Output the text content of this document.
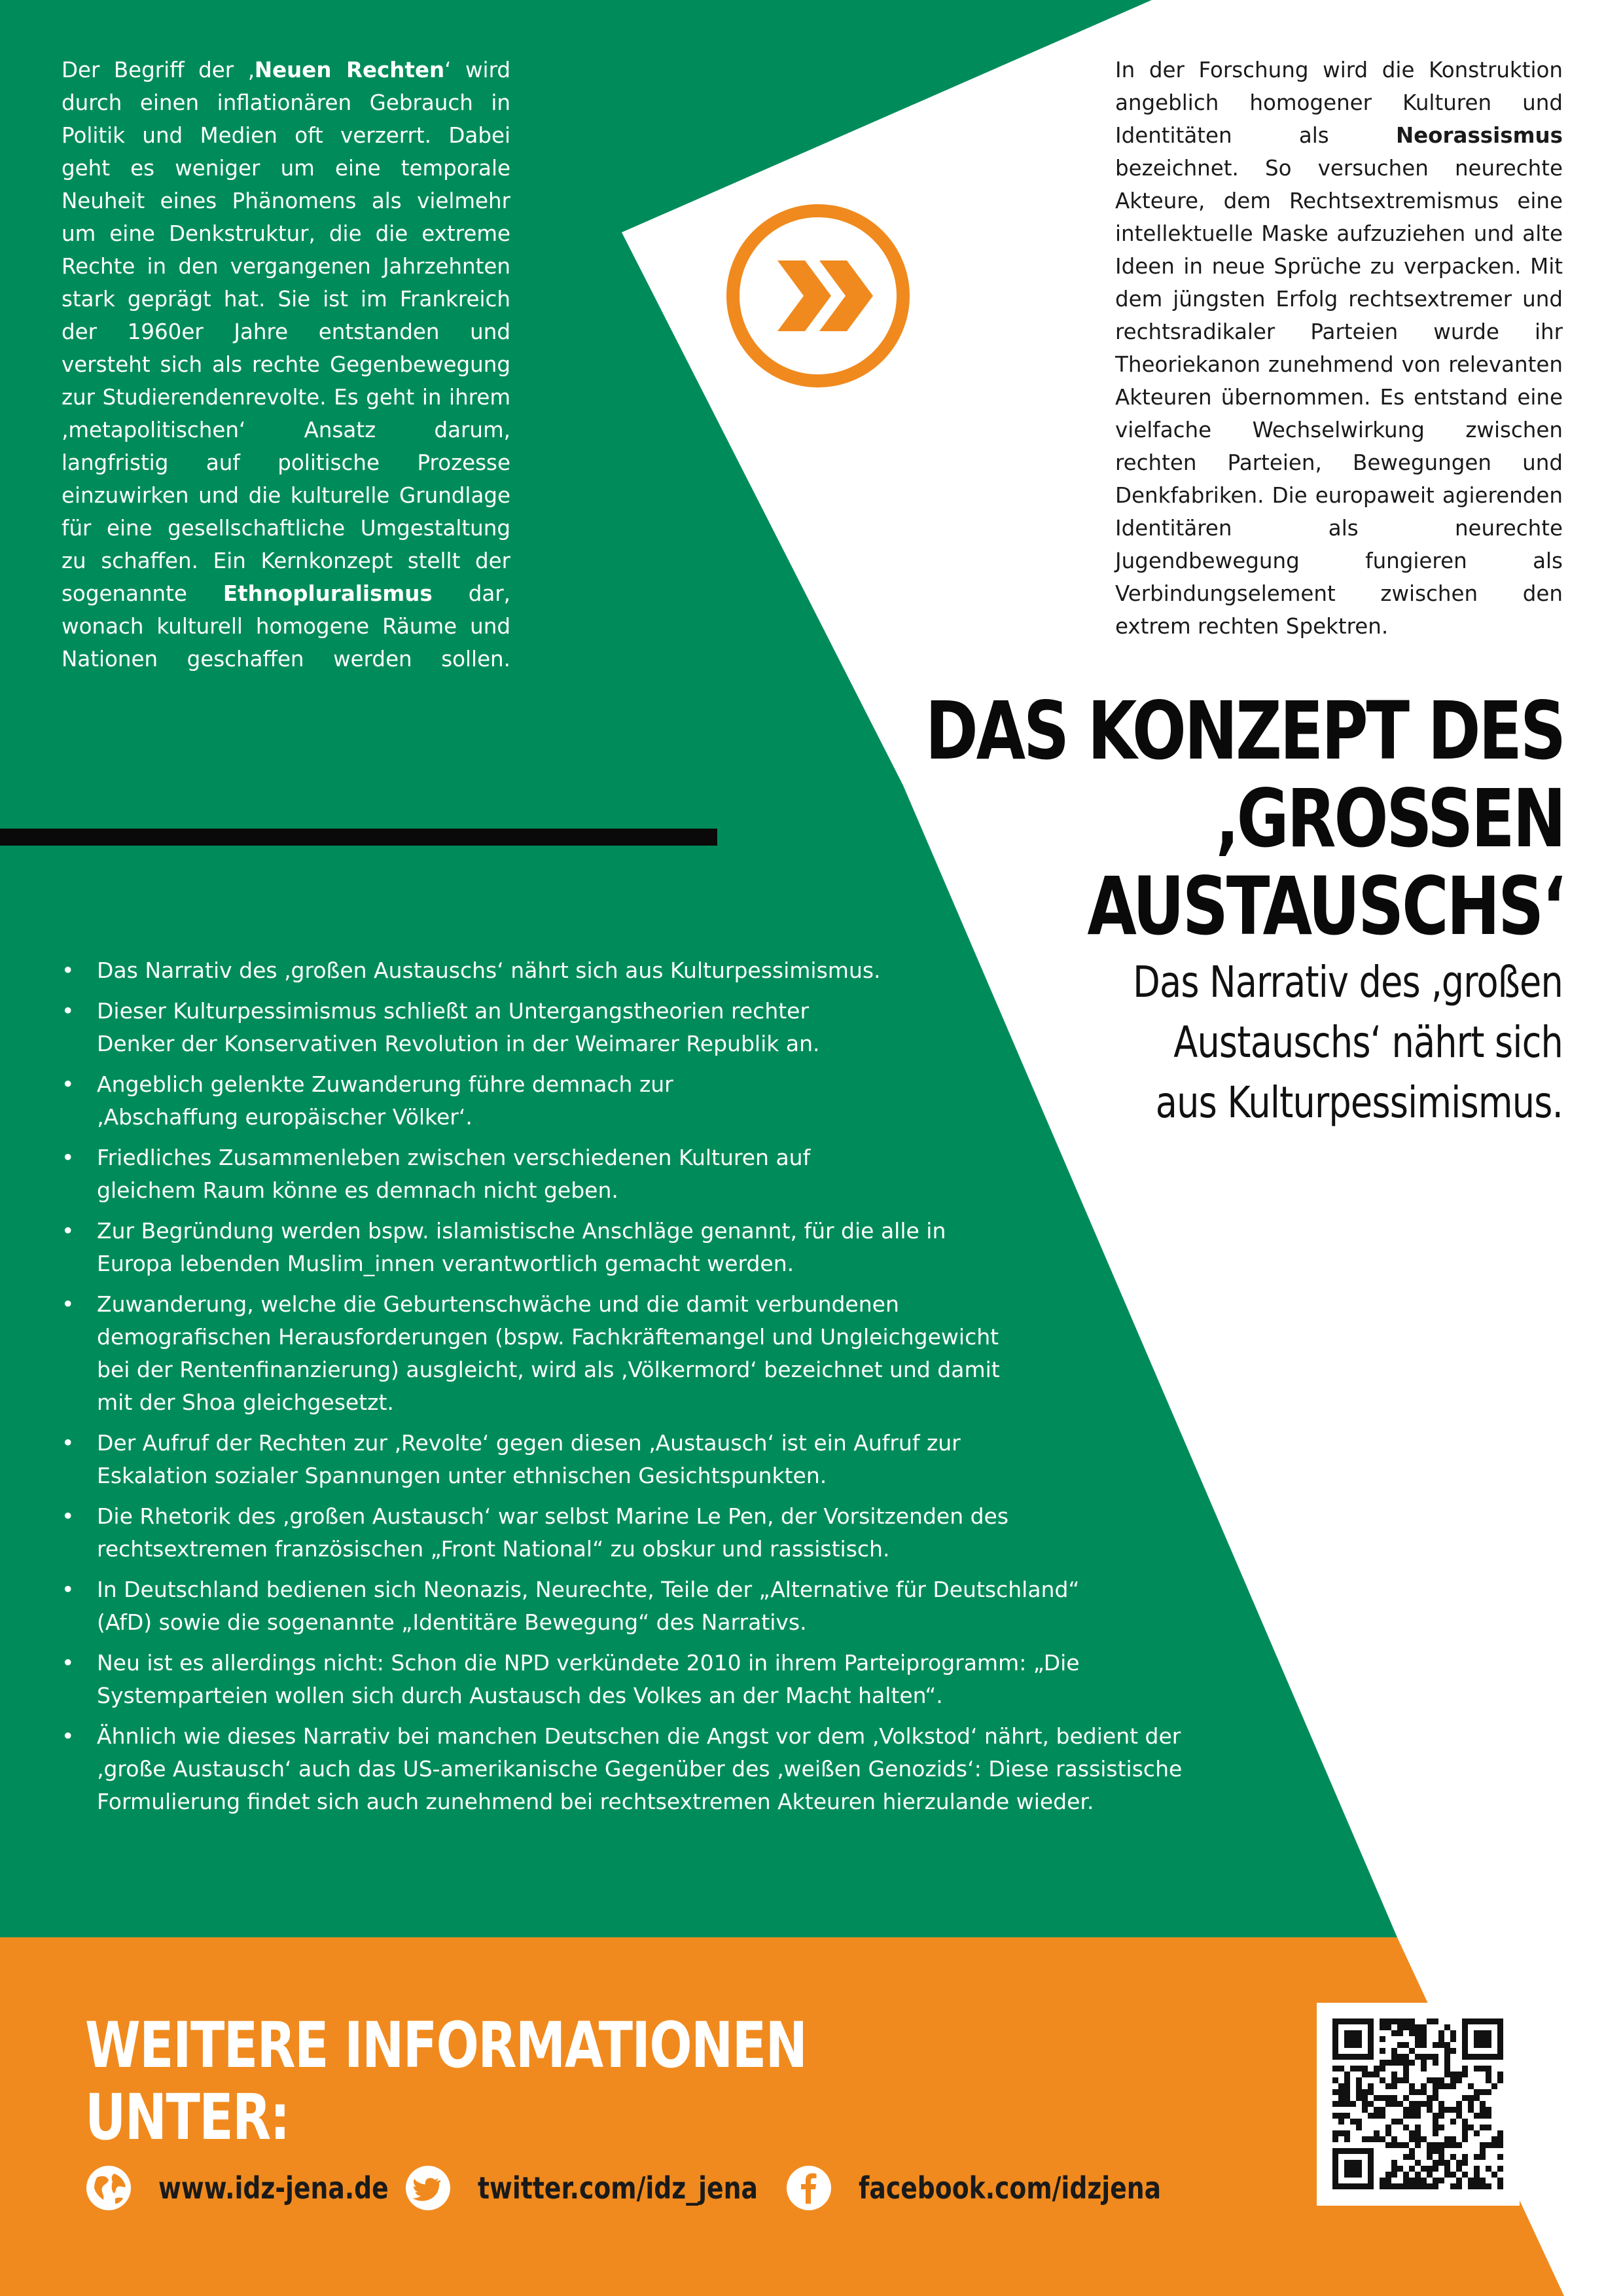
Der Begriff der ‚Neuen Rechten‘ wird durch einen inflationären Gebrauch in Politik und Medien oft verzerrt. Dabei geht es weniger um eine temporale Neuheit eines Phänomens als vielmehr um eine Denkstruktur, die die extreme Rechte in den vergangenen Jahrzehnten stark geprägt hat. Sie ist im Frankreich der 1960er Jahre entstanden und versteht sich als rechte Gegenbewegung zur Studierendenrevolte. Es geht in ihrem ‚metapolitischen‘ Ansatz darum, langfristig auf politische Prozesse einzuwirken und die kulturelle Grundlage für eine gesellschaftliche Umgestaltung zu schaffen. Ein Kernkonzept stellt der sogenannte Ethnopluralismus dar, wonach kulturell homogene Räume und Nationen geschaffen werden sollen.
In der Forschung wird die Konstruktion angeblich homogener Kulturen und Identitäten als Neorassismus bezeichnet. So versuchen neurechte Akteure, dem Rechtsextremismus eine intellektuelle Maske aufzuziehen und alte Ideen in neue Sprüche zu verpacken. Mit dem jüngsten Erfolg rechtsextremer und rechtsradikaler Parteien wurde ihr Theoriekanon zunehmend von relevanten Akteuren übernommen. Es entstand eine vielfache Wechselwirkung zwischen rechten Parteien, Bewegungen und Denkfabriken. Die europaweit agierenden Identitären als neurechte Jugendbewegung fungieren als Verbindungselement zwischen den extrem rechten Spektren.
DAS KONZEPT DES
‚GROSSEN AUSTAUSCHS‘
Das Narrativ des ‚großen
Austauschs‘ nährt sich
aus Kulturpessimismus.
• Das Narrativ des ‚großen Austauschs‘ nährt sich aus Kulturpessimismus.
• Dieser Kulturpessimismus schließt an Untergangstheorien rechter Denker der Konservativen Revolution in der Weimarer Republik an.
• Angeblich gelenkte Zuwanderung führe demnach zur ‚Abschaffung europäischer Völker‘.
• Friedliches Zusammenleben zwischen verschiedenen Kulturen auf gleichem Raum könne es demnach nicht geben.
• Zur Begründung werden bspw. islamistische Anschläge genannt, für die alle in Europa lebenden Muslim_innen verantwortlich gemacht werden.
• Zuwanderung, welche die Geburtenschwäche und die damit verbundenen demografischen Herausforderungen (bspw. Fachkräftemangel und Ungleichgewicht bei der Rentenfinanzierung) ausgleicht, wird als ‚Völkermord‘ bezeichnet und damit mit der Shoa gleichgesetzt.
• Der Aufruf der Rechten zur ‚Revolte‘ gegen diesen ‚Austausch‘ ist ein Aufruf zur Eskalation sozialer Spannungen unter ethnischen Gesichtspunkten.
• Die Rhetorik des ‚großen Austausch‘ war selbst Marine Le Pen, der Vorsitzenden des rechtsextremen französischen „Front National“ zu obskur und rassistisch.
• In Deutschland bedienen sich Neonazis, Neurechte, Teile der „Alternative für Deutschland“ (AfD) sowie die sogenannte „Identitäre Bewegung“ des Narrativs.
• Neu ist es allerdings nicht: Schon die NPD verkündete 2010 in ihrem Parteiprogramm: „Die Systemparteien wollen sich durch Austausch des Volkes an der Macht halten“.
• Ähnlich wie dieses Narrativ bei manchen Deutschen die Angst vor dem ‚Volkstod‘ nährt, bedient der ‚große Austausch‘ auch das US-amerikanische Gegenüber des ‚weißen Genozids‘: Diese rassistische Formulierung findet sich auch zunehmend bei rechtsextremen Akteuren hierzulande wieder.
WEITERE INFORMATIONEN UNTER:
www.idz-jena.de	twitter.com/idz_jena	facebook.com/idzjena
